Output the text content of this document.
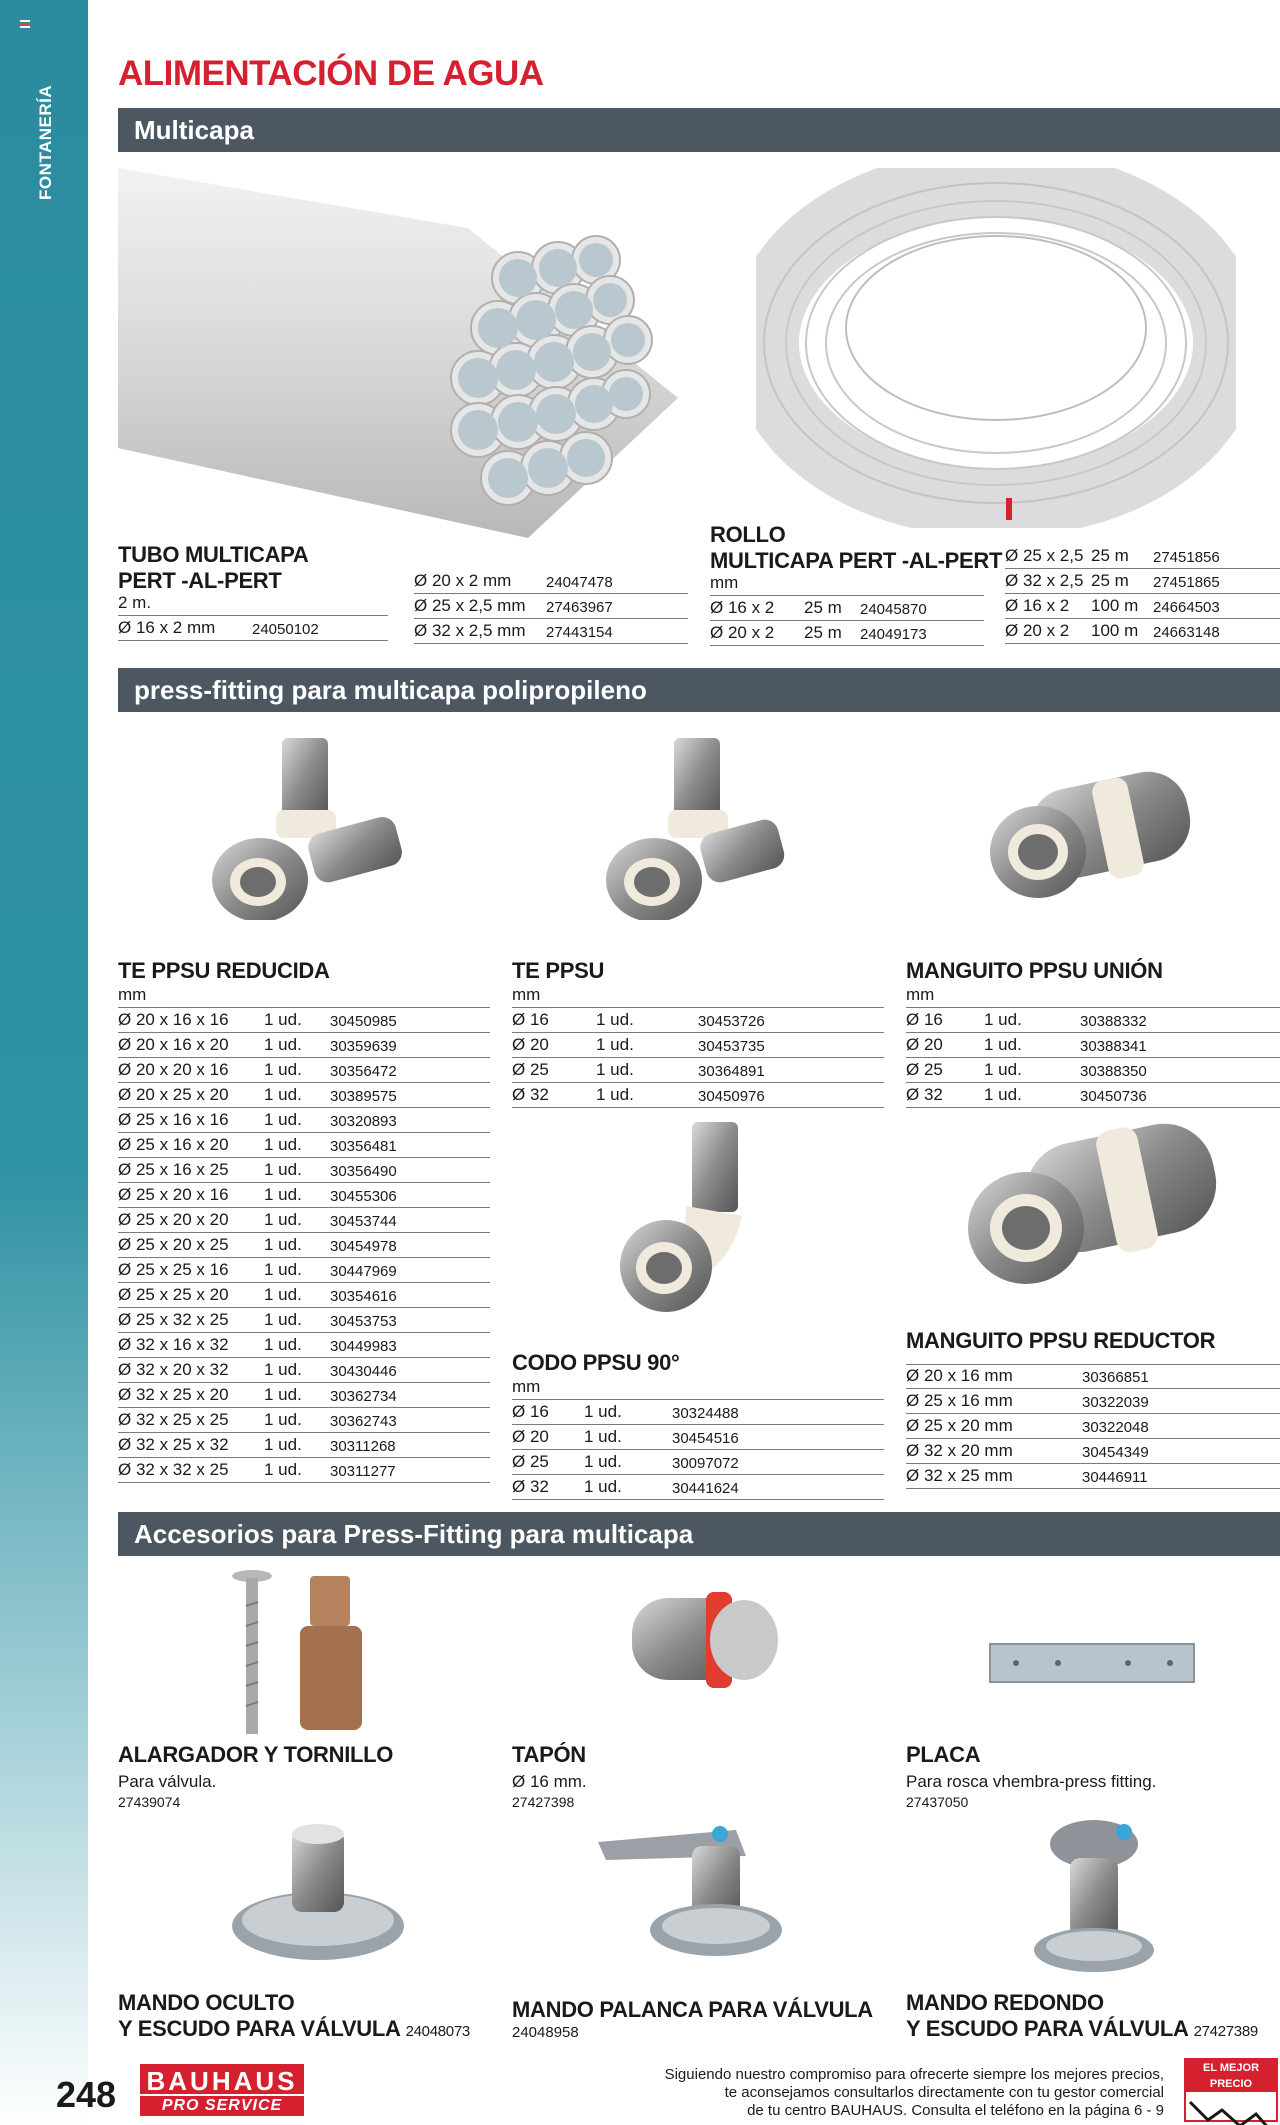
FONTANERÍA
ALIMENTACIÓN DE AGUA
Multicapa
TUBO MULTICAPA
PERT -AL-PERT
2 m.
Ø 16 x 2 mm	24050102
Ø 20 x 2 mm	24047478
Ø 25 x 2,5 mm	27463967
Ø 32 x 2,5 mm	27443154
ROLLO
MULTICAPA PERT -AL-PERT
mm
Ø 16 x 2	25 m	24045870
Ø 20 x 2	25 m	24049173
Ø 25 x 2,5 25 m	27451856
Ø 32 x 2,5 25 m	27451865
Ø 16 x 2	100 m 24664503
Ø 20 x 2	100 m 24663148
press-fitting para multicapa polipropileno
TE PPSU REDUCIDA
mm
Ø 20 x 16 x 16	1 ud.	30450985
Ø 20 x 16 x 20	1 ud.	30359639
Ø 20 x 20 x 16	1 ud.	30356472
Ø 20 x 25 x 20	1 ud.	30389575
Ø 25 x 16 x 16	1 ud.	30320893
Ø 25 x 16 x 20	1 ud.	30356481
Ø 25 x 16 x 25	1 ud.	30356490
Ø 25 x 20 x 16	1 ud.	30455306
Ø 25 x 20 x 20	1 ud.	30453744
Ø 25 x 20 x 25	1 ud.	30454978
Ø 25 x 25 x 16	1 ud.	30447969
Ø 25 x 25 x 20	1 ud.	30354616
Ø 25 x 32 x 25	1 ud.	30453753
Ø 32 x 16 x 32	1 ud.	30449983
Ø 32 x 20 x 32	1 ud.	30430446
Ø 32 x 25 x 20	1 ud.	30362734
Ø 32 x 25 x 25	1 ud.	30362743
Ø 32 x 25 x 32	1 ud.	30311268
Ø 32 x 32 x 25	1 ud.	30311277
TE PPSU
mm
Ø 16	1 ud.	30453726
Ø 20	1 ud.	30453735
Ø 25	1 ud.	30364891
Ø 32	1 ud.	30450976
CODO PPSU 90°
mm
Ø 16	1 ud.	30324488
Ø 20	1 ud.	30454516
Ø 25	1 ud.	30097072
Ø 32	1 ud.	30441624
MANGUITO PPSU UNIÓN
mm
Ø 16	1 ud.	30388332
Ø 20	1 ud.	30388341
Ø 25	1 ud.	30388350
Ø 32	1 ud.	30450736
MANGUITO PPSU REDUCTOR
Ø 20 x 16 mm	30366851
Ø 25 x 16 mm	30322039
Ø 25 x 20 mm	30322048
Ø 32 x 20 mm	30454349
Ø 32 x 25 mm	30446911
Accesorios para Press-Fitting para multicapa
ALARGADOR Y TORNILLO
Para válvula.
27439074
TAPÓN
Ø 16 mm.
27427398
PLACA
Para rosca vhembra-press fitting.
27437050
MANDO OCULTO
Y ESCUDO PARA VÁLVULA 24048073
MANDO PALANCA PARA VÁLVULA
24048958
MANDO REDONDO
Y ESCUDO PARA VÁLVULA 27427389
248 BAUHAUS
PRO SERVICE
Siguiendo nuestro compromiso para ofrecerte siempre los mejores precios,
te aconsejamos consultarlos directamente con tu gestor comercial
de tu centro BAUHAUS. Consulta el teléfono en la página 6 - 9
EL MEJOR PRECIO
